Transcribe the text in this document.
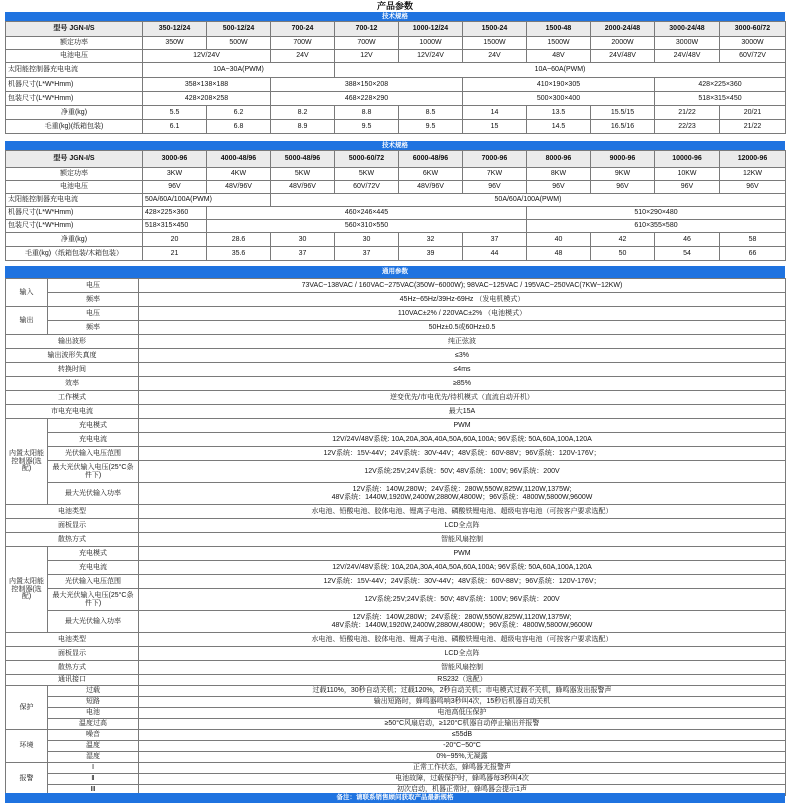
产品参数
技术规格
型号 JGN-I/S	350-12/24	500-12/24	700-24	700-12	1000-12/24	1500-24	1500-48	2000-24/48	3000-24/48	3000-60/72
额定功率	350W	500W	700W	700W	1000W	1500W	1500W	2000W	3000W	3000W
电池电压	12V/24V		24V	12V	12V/24V	24V	48V	24V/48V	24V/48V	60V/72V
太阳能控制器充电电流	10A~30A(PWM)			10A~60A(PWM)						
机器尺寸(L*W*Hmm)	358×138×188		388×150×208			410×190×305			428×225×360	
包装尺寸(L*W*Hmm)	428×208×258		468×228×290			500×300×400			518×315×450	
净重(kg)	5.5	6.2	8.2	8.8	8.5	14	13.5	15.5/15	21/22	20/21
毛重(kg)(纸箱包装)	6.1	6.8	8.9	9.5	9.5	15	14.5	16.5/16	22/23	21/22
技术规格
型号 JGN-I/S	3000-96	4000-48/96	5000-48/96	5000-60/72	6000-48/96	7000-96	8000-96	9000-96	10000-96	12000-96
额定功率	3KW	4KW	5KW	5KW	6KW	7KW	8KW	9KW	10KW	12KW
电池电压	96V	48V/96V	48V/96V	60V/72V	48V/96V	96V	96V	96V	96V	96V
太阳能控制器充电电流	50A/60A/100A(PWM)		50A/60A/100A(PWM)							
机器尺寸(L*W*Hmm)	428×225×360	460×246×445					510×290×480			
包装尺寸(L*W*Hmm)	518×315×450	560×310×550					610×355×580			
净重(kg)	20	28.6	30	30	32	37	40	42	46	58
毛重(kg)（纸箱包装/木箱包装）	21	35.6	37	37	39	44	48	50	54	66
通用参数
输入	电压	73VAC~138VAC / 160VAC~275VAC(350W~6000W); 98VAC~125VAC / 195VAC~250VAC(7KW~12KW)
	频率	45Hz~65Hz/39Hz-69Hz （发电机模式）
输出	电压	110VAC±2% / 220VAC±2% （电池模式）
	频率	50Hz±0.5或60Hz±0.5
输出波形		纯正弦波
输出波形失真度		≤3%
转换时间		≤4ms
效率		≥85%
工作模式		逆变优先/市电优先/待机模式（直流自动开机）
市电充电电流		最大15A
内置太阳能控制器(选配)	充电模式	PWM
	充电电流	12V/24V/48V系统: 10A,20A,30A,40A,50A,60A,100A; 96V系统: 50A,60A,100A,120A
	光伏输入电压范围	12V系统：15V-44V；24V系统：30V-44V；48V系统：60V-88V；96V系统：120V-176V；
	最大光伏输入电压(25°C条件下)	12V系统:25V;24V系统：50V; 48V系统：100V; 96V系统：200V
	最大光伏输入功率	12V系统：140W,280W；24V系统：280W,550W,825W,1120W,1375W;
48V系统：1440W,1920W,2400W,2880W,4800W；96V系统：4800W,5800W,9600W

电池类型		水电池、铅酸电池、胶体电池、锂离子电池、磷酸铁锂电池、超级电容电池（可按客户要求选配）
面板显示		LCD全点阵
散热方式		智能风扇控制
内置太阳能控制器(选配)	充电模式	PWM
	充电电流	12V/24V/48V系统: 10A,20A,30A,40A,50A,60A,100A; 96V系统: 50A,60A,100A,120A
	光伏输入电压范围	12V系统：15V-44V；24V系统：30V-44V；48V系统：60V-88V；96V系统：120V-176V；
	最大光伏输入电压(25°C条件下)	12V系统:25V;24V系统：50V; 48V系统：100V; 96V系统：200V
	最大光伏输入功率	12V系统：140W,280W；24V系统：280W,550W,825W,1120W,1375W;
48V系统：1440W,1920W,2400W,2880W,4800W；96V系统：4800W,5800W,9600W

电池类型		水电池、铅酸电池、胶体电池、锂离子电池、磷酸铁锂电池、超级电容电池（可按客户要求选配）
面板显示		LCD全点阵
散热方式		智能风扇控制
通讯接口		RS232（选配）
保护	过载	过载110%，30秒自动关机；过载120%，2秒自动关机；市电模式过载不关机，蜂鸣器发出报警声
	短路	输出短路时，蜂鸣器鸣响3秒叫4次，15秒后机器自动关机
	电池	电池高低压保护
	温度过高	≥50°C风扇启动，≥120°C机器自动停止输出并报警
环境	噪音	≤55dB
	温度	-20°C~50°C
	湿度	0%~95%,无凝露
报警	Ⅰ	正常工作状态，蜂鸣器无报警声
	Ⅱ	电池故障，过载保护时，蜂鸣器每3秒叫4次
	Ⅲ	初次启动，机器正常时，蜂鸣器会提示1声
备注：请联系销售顾问获取产品最新规格
